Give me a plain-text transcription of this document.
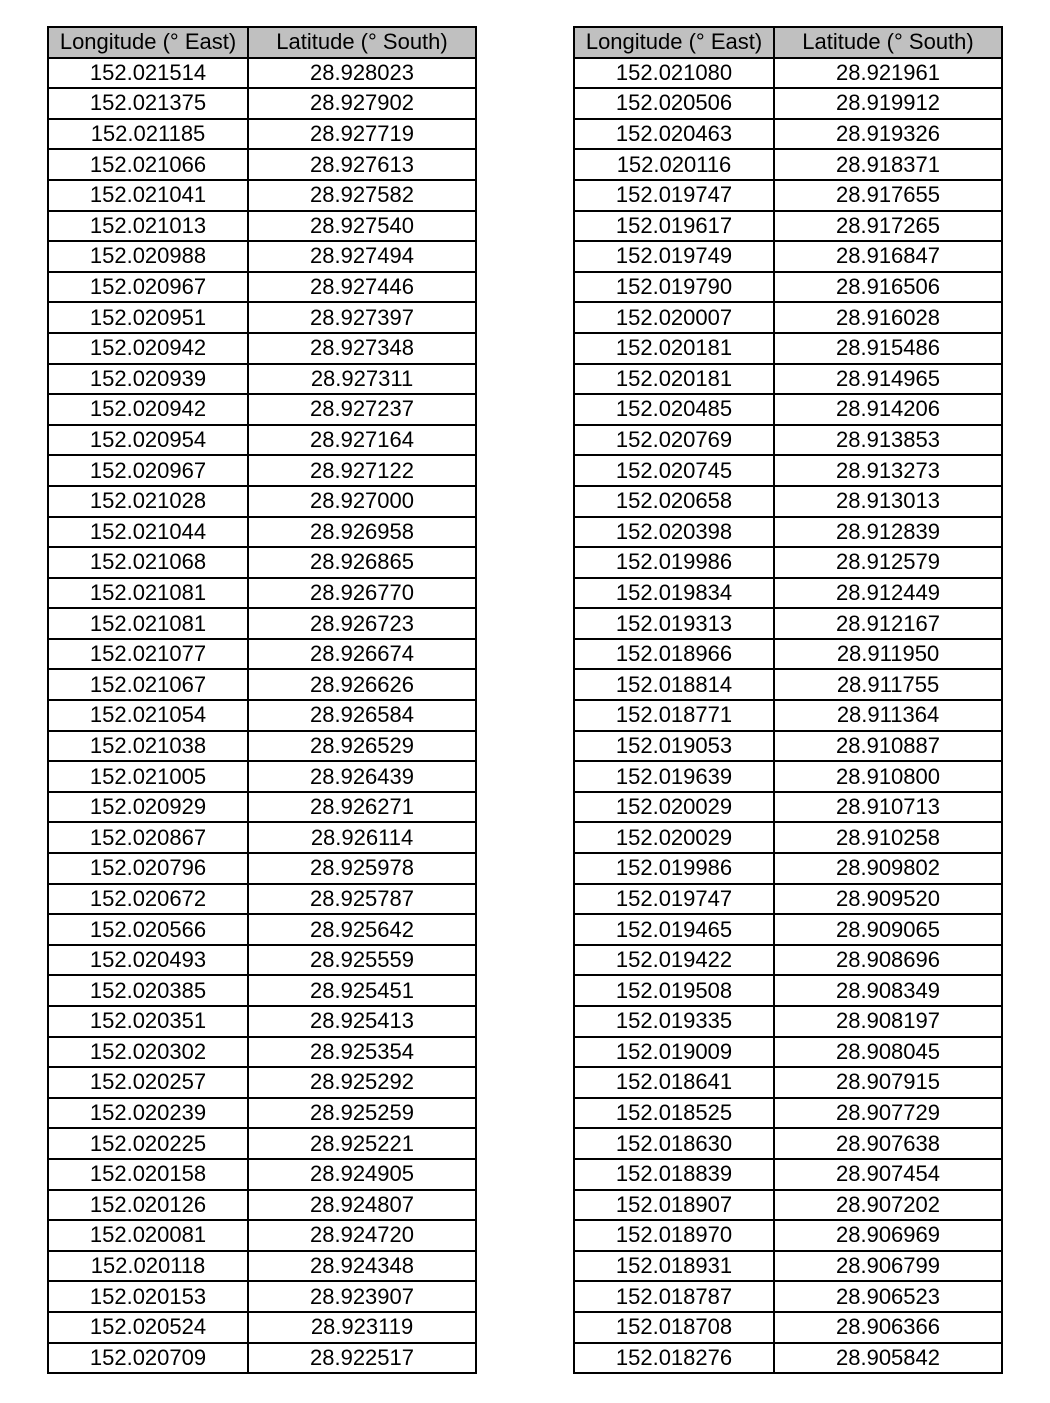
Longitude (° East)	Latitude (° South)
152.021514	28.928023
152.021375	28.927902
152.021185	28.927719
152.021066	28.927613
152.021041	28.927582
152.021013	28.927540
152.020988	28.927494
152.020967	28.927446
152.020951	28.927397
152.020942	28.927348
152.020939	28.927311
152.020942	28.927237
152.020954	28.927164
152.020967	28.927122
152.021028	28.927000
152.021044	28.926958
152.021068	28.926865
152.021081	28.926770
152.021081	28.926723
152.021077	28.926674
152.021067	28.926626
152.021054	28.926584
152.021038	28.926529
152.021005	28.926439
152.020929	28.926271
152.020867	28.926114
152.020796	28.925978
152.020672	28.925787
152.020566	28.925642
152.020493	28.925559
152.020385	28.925451
152.020351	28.925413
152.020302	28.925354
152.020257	28.925292
152.020239	28.925259
152.020225	28.925221
152.020158	28.924905
152.020126	28.924807
152.020081	28.924720
152.020118	28.924348
152.020153	28.923907
152.020524	28.923119
152.020709	28.922517
Longitude (° East)	Latitude (° South)
152.021080	28.921961
152.020506	28.919912
152.020463	28.919326
152.020116	28.918371
152.019747	28.917655
152.019617	28.917265
152.019749	28.916847
152.019790	28.916506
152.020007	28.916028
152.020181	28.915486
152.020181	28.914965
152.020485	28.914206
152.020769	28.913853
152.020745	28.913273
152.020658	28.913013
152.020398	28.912839
152.019986	28.912579
152.019834	28.912449
152.019313	28.912167
152.018966	28.911950
152.018814	28.911755
152.018771	28.911364
152.019053	28.910887
152.019639	28.910800
152.020029	28.910713
152.020029	28.910258
152.019986	28.909802
152.019747	28.909520
152.019465	28.909065
152.019422	28.908696
152.019508	28.908349
152.019335	28.908197
152.019009	28.908045
152.018641	28.907915
152.018525	28.907729
152.018630	28.907638
152.018839	28.907454
152.018907	28.907202
152.018970	28.906969
152.018931	28.906799
152.018787	28.906523
152.018708	28.906366
152.018276	28.905842
